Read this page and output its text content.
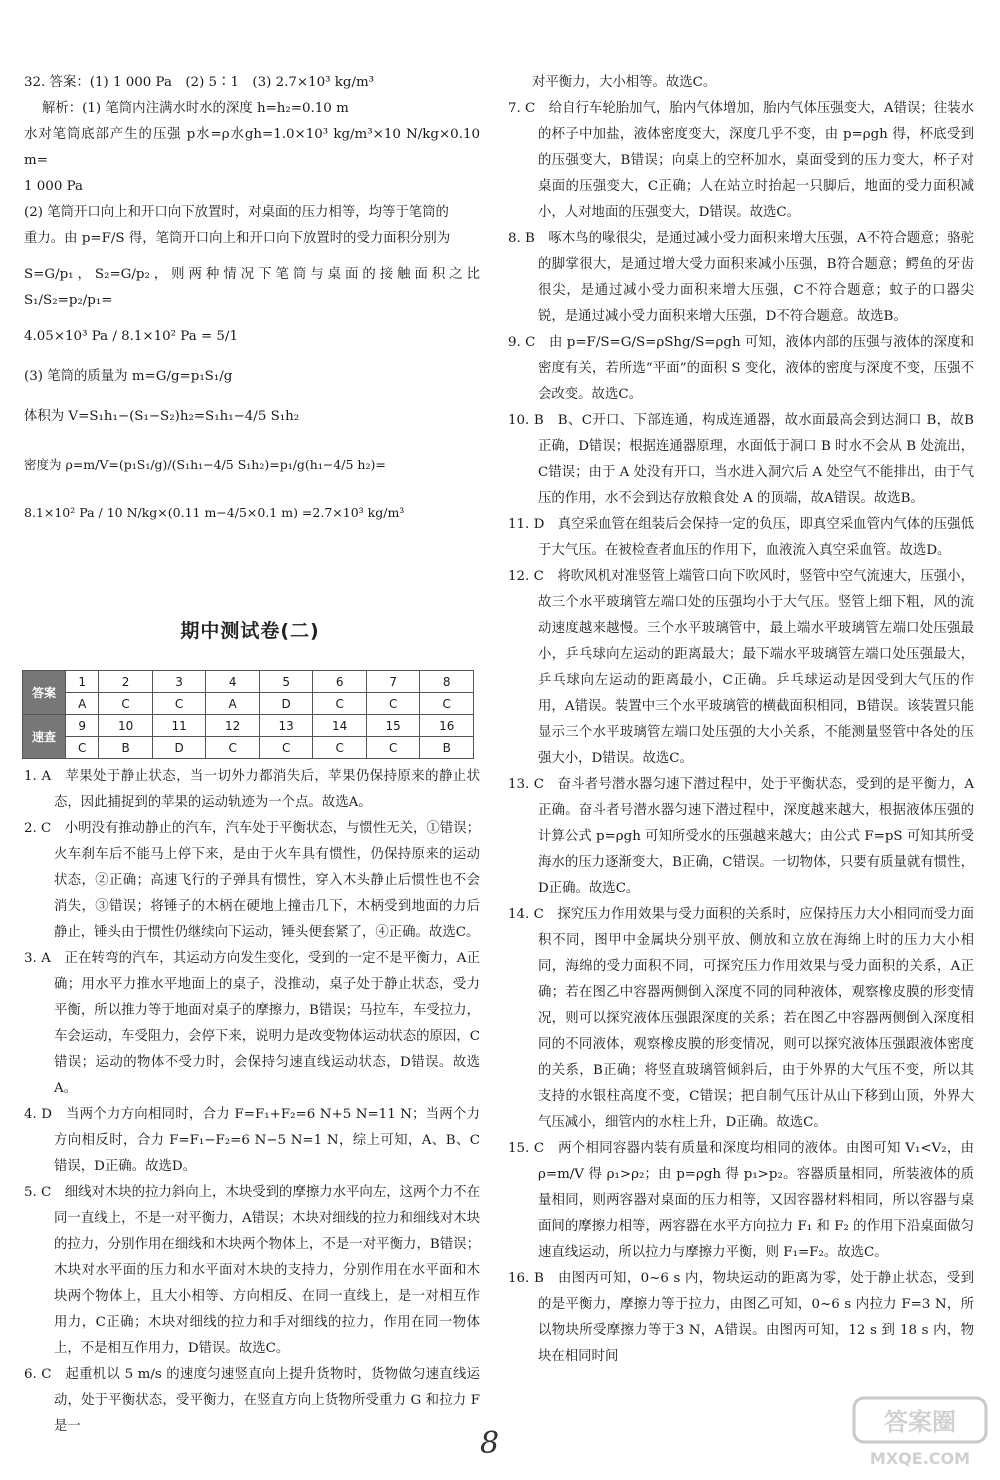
32. 答案：(1) 1 000 Pa　(2) 5∶1　(3) 2.7×10³ kg/m³

解析：(1) 笔筒内注满水时水的深度 h=h₂=0.10 m

水对笔筒底部产生的压强 p水=ρ水gh=1.0×10³ kg/m³×10 N/kg×0.10 m=

1 000 Pa

(2) 笔筒开口向上和开口向下放置时，对桌面的压力相等，均等于笔筒的

重力。由 p=F/S 得，笔筒开口向上和开口向下放置时的受力面积分别为

S=G/p₁，S₂=G/p₂，则两种情况下笔筒与桌面的接触面积之比 S₁/S₂=p₂/p₁=

4.05×10³ Pa / 8.1×10² Pa = 5/1

(3) 笔筒的质量为 m=G/g=p₁S₁/g

体积为 V=S₁h₁−(S₁−S₂)h₂=S₁h₁−4/5 S₁h₂

密度为 ρ=m/V=(p₁S₁/g)/(S₁h₁−4/5 S₁h₂)=p₁/g(h₁−4/5 h₂)=

8.1×10² Pa / 10 N/kg×(0.11 m−4/5×0.1 m) =2.7×10³ kg/m³

期中测试卷(二)
答案	1	2	3	4	5	6	7	8
	A	C	C	A	D	C	C	C
速查	9	10	11	12	13	14	15	16
	C	B	D	C	C	C	C	B

1. A　苹果处于静止状态，当一切外力都消失后，苹果仍保持原来的静止状态，因此捕捉到的苹果的运动轨迹为一个点。故选A。

2. C　小明没有推动静止的汽车，汽车处于平衡状态，与惯性无关，①错误；火车刹车后不能马上停下来，是由于火车具有惯性，仍保持原来的运动状态，②正确；高速飞行的子弹具有惯性，穿入木头静止后惯性也不会消失，③错误；将锤子的木柄在硬地上撞击几下，木柄受到地面的力后静止，锤头由于惯性仍继续向下运动，锤头便套紧了，④正确。故选C。

3. A　正在转弯的汽车，其运动方向发生变化，受到的一定不是平衡力，A正确；用水平力推水平地面上的桌子，没推动，桌子处于静止状态，受力平衡，所以推力等于地面对桌子的摩擦力，B错误；马拉车，车受拉力，车会运动，车受阻力，会停下来，说明力是改变物体运动状态的原因，C错误；运动的物体不受力时，会保持匀速直线运动状态，D错误。故选A。

4. D　当两个力方向相同时，合力 F=F₁+F₂=6 N+5 N=11 N；当两个力方向相反时，合力 F=F₁−F₂=6 N−5 N=1 N，综上可知，A、B、C错误，D正确。故选D。

5. C　细线对木块的拉力斜向上，木块受到的摩擦力水平向左，这两个力不在同一直线上，不是一对平衡力，A错误；木块对细线的拉力和细线对木块的拉力，分别作用在细线和木块两个物体上，不是一对平衡力，B错误；木块对水平面的压力和水平面对木块的支持力，分别作用在水平面和木块两个物体上，且大小相等、方向相反、在同一直线上，是一对相互作用力，C正确；木块对细线的拉力和手对细线的拉力，作用在同一物体上，不是相互作用力，D错误。故选C。

6. C　起重机以 5 m/s 的速度匀速竖直向上提升货物时，货物做匀速直线运动，处于平衡状态，受平衡力，在竖直方向上货物所受重力 G 和拉力 F 是一

对平衡力，大小相等。故选C。

7. C　给自行车轮胎加气，胎内气体增加，胎内气体压强变大，A错误；往装水的杯子中加盐，液体密度变大，深度几乎不变，由 p=ρgh 得，杯底受到的压强变大，B错误；向桌上的空杯加水，桌面受到的压力变大，杯子对桌面的压强变大，C正确；人在站立时抬起一只脚后，地面的受力面积减小，人对地面的压强变大，D错误。故选C。

8. B　啄木鸟的喙很尖，是通过减小受力面积来增大压强，A不符合题意；骆驼的脚掌很大，是通过增大受力面积来减小压强，B符合题意；鳄鱼的牙齿很尖，是通过减小受力面积来增大压强，C不符合题意；蚊子的口器尖锐，是通过减小受力面积来增大压强，D不符合题意。故选B。

9. C　由 p=F/S=G/S=ρShg/S=ρgh 可知，液体内部的压强与液体的深度和密度有关，若所选“平面”的面积 S 变化，液体的密度与深度不变，压强不会改变。故选C。

10. B　B、C开口、下部连通，构成连通器，故水面最高会到达洞口 B，故B正确，D错误；根据连通器原理，水面低于洞口 B 时水不会从 B 处流出，C错误；由于 A 处没有开口，当水进入洞穴后 A 处空气不能排出，由于气压的作用，水不会到达存放粮食处 A 的顶端，故A错误。故选B。

11. D　真空采血管在组装后会保持一定的负压，即真空采血管内气体的压强低于大气压。在被检查者血压的作用下，血液流入真空采血管。故选D。

12. C　将吹风机对准竖管上端管口向下吹风时，竖管中空气流速大，压强小，故三个水平玻璃管左端口处的压强均小于大气压。竖管上细下粗，风的流动速度越来越慢。三个水平玻璃管中，最上端水平玻璃管左端口处压强最小，乒乓球向左运动的距离最大；最下端水平玻璃管左端口处压强最大，乒乓球向左运动的距离最小，C正确。乒乓球运动是因受到大气压的作用，A错误。装置中三个水平玻璃管的横截面积相同，B错误。该装置只能显示三个水平玻璃管左端口处压强的大小关系，不能测量竖管中各处的压强大小，D错误。故选C。

13. C　奋斗者号潜水器匀速下潜过程中，处于平衡状态，受到的是平衡力，A正确。奋斗者号潜水器匀速下潜过程中，深度越来越大，根据液体压强的计算公式 p=ρgh 可知所受水的压强越来越大；由公式 F=pS 可知其所受海水的压力逐渐变大，B正确，C错误。一切物体，只要有质量就有惯性，D正确。故选C。

14. C　探究压力作用效果与受力面积的关系时，应保持压力大小相同而受力面积不同，图甲中金属块分别平放、侧放和立放在海绵上时的压力大小相同，海绵的受力面积不同，可探究压力作用效果与受力面积的关系，A正确；若在图乙中容器两侧倒入深度不同的同种液体，观察橡皮膜的形变情况，则可以探究液体压强跟深度的关系；若在图乙中容器两侧倒入深度相同的不同液体，观察橡皮膜的形变情况，则可以探究液体压强跟液体密度的关系，B正确；将竖直玻璃管倾斜后，由于外界的大气压不变，所以其支持的水银柱高度不变，C错误；把自制气压计从山下移到山顶，外界大气压减小，细管内的水柱上升，D正确。故选C。

15. C　两个相同容器内装有质量和深度均相同的液体。由图可知 V₁<V₂，由 ρ=m/V 得 ρ₁>ρ₂；由 p=ρgh 得 p₁>p₂。容器质量相同，所装液体的质量相同，则两容器对桌面的压力相等，又因容器材料相同，所以容器与桌面间的摩擦力相等，两容器在水平方向拉力 F₁ 和 F₂ 的作用下沿桌面做匀速直线运动，所以拉力与摩擦力平衡，则 F₁=F₂。故选C。

16. B　由图丙可知，0~6 s 内，物块运动的距离为零，处于静止状态，受到的是平衡力，摩擦力等于拉力，由图乙可知，0~6 s 内拉力 F=3 N，所以物块所受摩擦力等于3 N，A错误。由图丙可知，12 s 到 18 s 内，物块在相同时间

8
答案圈
MXQE.COM
